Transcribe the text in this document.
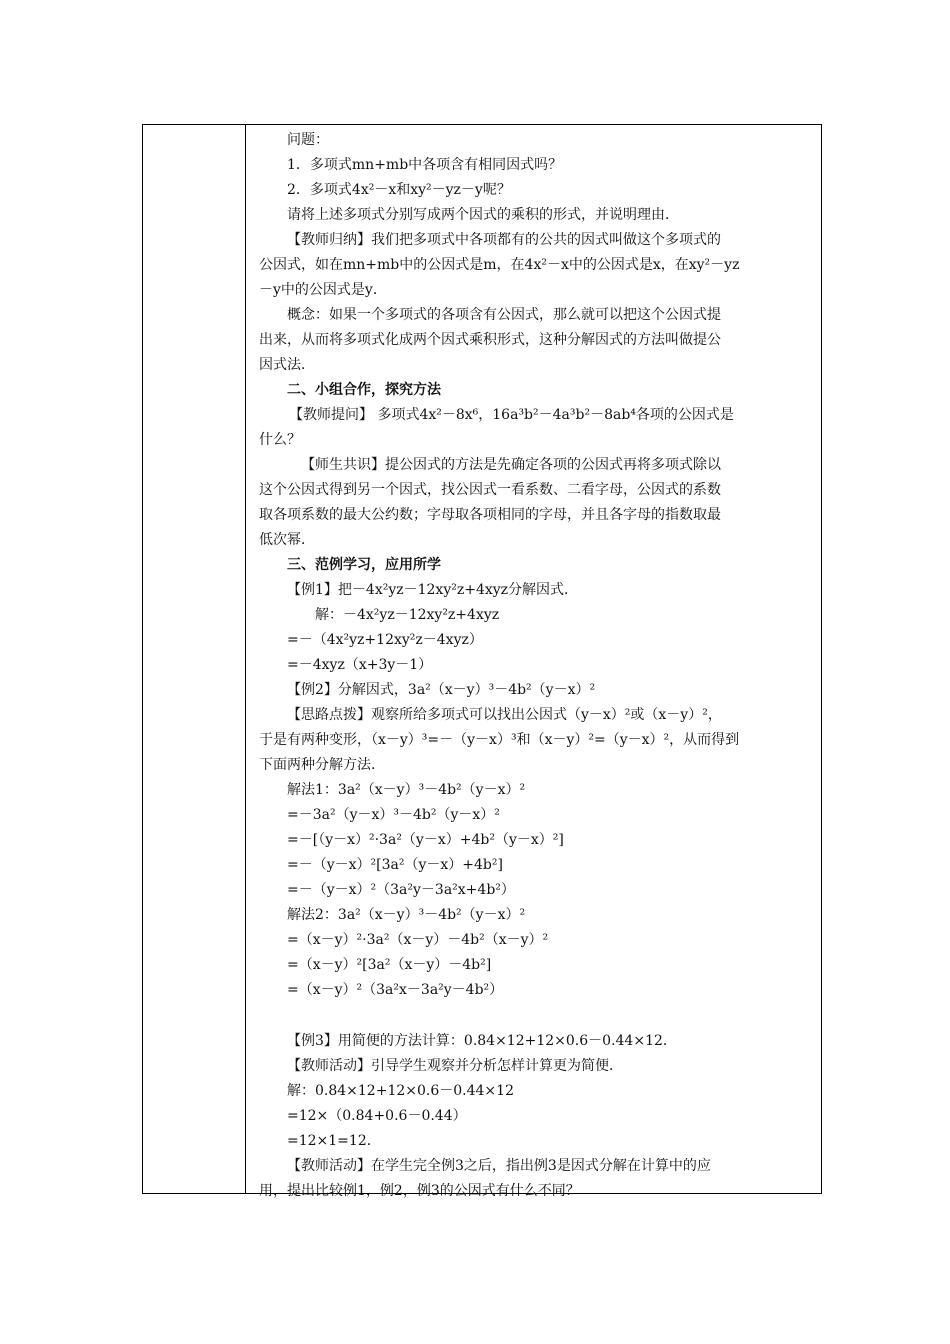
问题：
1．多项式mn+mb中各项含有相同因式吗？
2．多项式4x²－x和xy²－yz－y呢？
请将上述多项式分别写成两个因式的乘积的形式，并说明理由．
【教师归纳】我们把多项式中各项都有的公共的因式叫做这个多项式的
公因式，如在mn+mb中的公因式是m，在4x²－x中的公因式是x，在xy²－yz
－y中的公因式是y．
概念：如果一个多项式的各项含有公因式，那么就可以把这个公因式提
出来，从而将多项式化成两个因式乘积形式，这种分解因式的方法叫做提公
因式法．
二、小组合作，探究方法
【教师提问】 多项式4x²－8x⁶，16a³b²－4a³b²－8ab⁴各项的公因式是
什么？
【师生共识】提公因式的方法是先确定各项的公因式再将多项式除以
这个公因式得到另一个因式，找公因式一看系数、二看字母，公因式的系数
取各项系数的最大公约数；字母取各项相同的字母，并且各字母的指数取最
低次幂．
三、范例学习，应用所学
【例1】把－4x²yz－12xy²z+4xyz分解因式．
解：－4x²yz－12xy²z+4xyz
=－（4x²yz+12xy²z－4xyz）
=－4xyz（x+3y－1）
【例2】分解因式，3a²（x－y）³－4b²（y－x）²
【思路点拨】观察所给多项式可以找出公因式（y－x）²或（x－y）²，
于是有两种变形，（x－y）³=－（y－x）³和（x－y）²=（y－x）²，从而得到
下面两种分解方法．
解法1：3a²（x－y）³－4b²（y－x）²
=－3a²（y－x）³－4b²（y－x）²
=－[（y－x）²·3a²（y－x）+4b²（y－x）²]
=－（y－x）²[3a²（y－x）+4b²]
=－（y－x）²（3a²y－3a²x+4b²）
解法2：3a²（x－y）³－4b²（y－x）²
=（x－y）²·3a²（x－y）－4b²（x－y）²
=（x－y）²[3a²（x－y）－4b²]
=（x－y）²（3a²x－3a²y－4b²）
【例3】用简便的方法计算：0.84×12+12×0.6－0.44×12．
【教师活动】引导学生观察并分析怎样计算更为简便．
解：0.84×12+12×0.6－0.44×12
=12×（0.84+0.6－0.44）
=12×1=12．
【教师活动】在学生完全例3之后，指出例3是因式分解在计算中的应
用，提出比较例1，例2，例3的公因式有什么不同？
